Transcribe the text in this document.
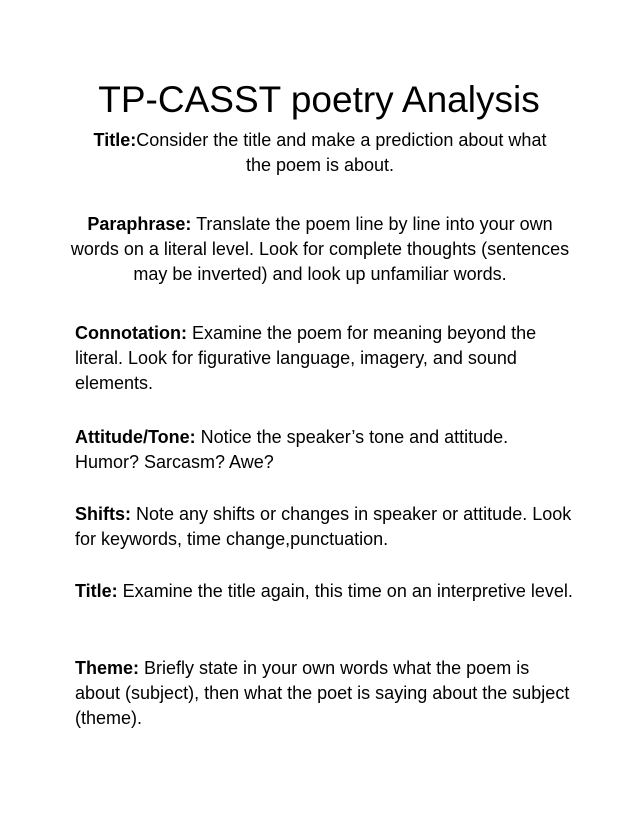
TP-CASST poetry Analysis

Title:Consider the title and make a prediction about what the poem is about.

Paraphrase: Translate the poem line by line into your own words on a literal level. Look for complete thoughts (sentences may be inverted) and look up unfamiliar words.

Connotation: Examine the poem for meaning beyond the literal. Look for figurative language, imagery, and sound elements.

Attitude/Tone: Notice the speaker’s tone and attitude. Humor? Sarcasm? Awe?

Shifts: Note any shifts or changes in speaker or attitude. Look for keywords, time change,punctuation.

Title: Examine the title again, this time on an interpretive level.

Theme: Briefly state in your own words what the poem is about (subject), then what the poet is saying about the subject (theme).
